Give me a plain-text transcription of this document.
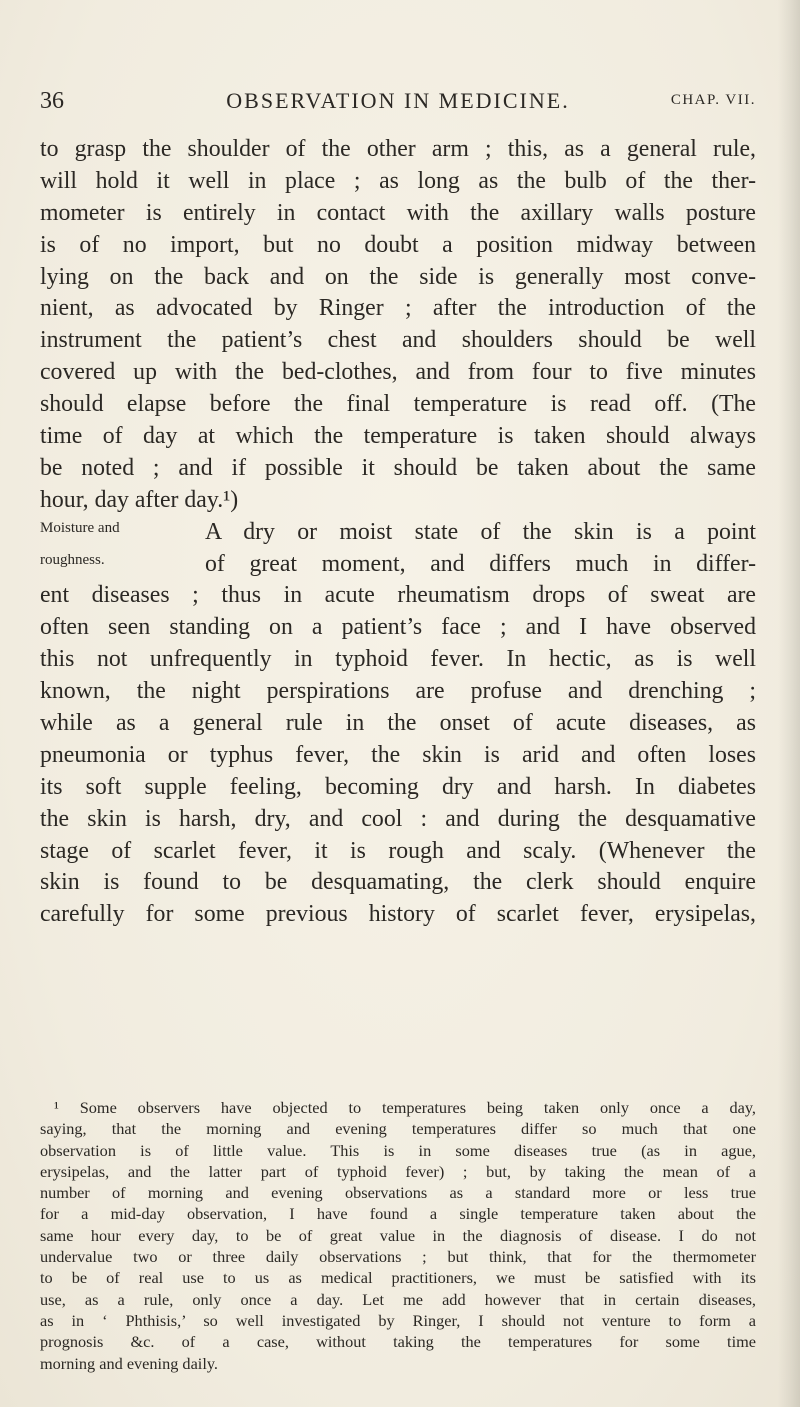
36	OBSERVATION IN MEDICINE.	CHAP. VII.
to grasp the shoulder of the other arm ; this, as a general rule,
will hold it well in place ; as long as the bulb of the ther-
mometer is entirely in contact with the axillary walls posture
is of no import, but no doubt a position midway between
lying on the back and on the side is generally most conve-
nient, as advocated by Ringer ; after the introduction of the
instrument the patient’s chest and shoulders should be well
covered up with the bed-clothes, and from four to five minutes
should elapse before the final temperature is read off. (The
time of day at which the temperature is taken should always
be noted ; and if possible it should be taken about the same
hour, day after day.¹)
A dry or moist state of the skin is a point
of great moment, and differs much in differ-
ent diseases ; thus in acute rheumatism drops of sweat are
often seen standing on a patient’s face ; and I have observed
this not unfrequently in typhoid fever. In hectic, as is well
known, the night perspirations are profuse and drenching ;
while as a general rule in the onset of acute diseases, as
pneumonia or typhus fever, the skin is arid and often loses
its soft supple feeling, becoming dry and harsh. In diabetes
the skin is harsh, dry, and cool : and during the desquamative
stage of scarlet fever, it is rough and scaly. (Whenever the
skin is found to be desquamating, the clerk should enquire
carefully for some previous history of scarlet fever, erysipelas,
Moisture and
roughness.
¹ Some observers have objected to temperatures being taken only once a day,
saying, that the morning and evening temperatures differ so much that one
observation is of little value. This is in some diseases true (as in ague,
erysipelas, and the latter part of typhoid fever) ; but, by taking the mean of a
number of morning and evening observations as a standard more or less true
for a mid-day observation, I have found a single temperature taken about the
same hour every day, to be of great value in the diagnosis of disease. I do not
undervalue two or three daily observations ; but think, that for the thermometer
to be of real use to us as medical practitioners, we must be satisfied with its
use, as a rule, only once a day. Let me add however that in certain diseases,
as in ‘ Phthisis,’ so well investigated by Ringer, I should not venture to form a
prognosis &c. of a case, without taking the temperatures for some time
morning and evening daily.
